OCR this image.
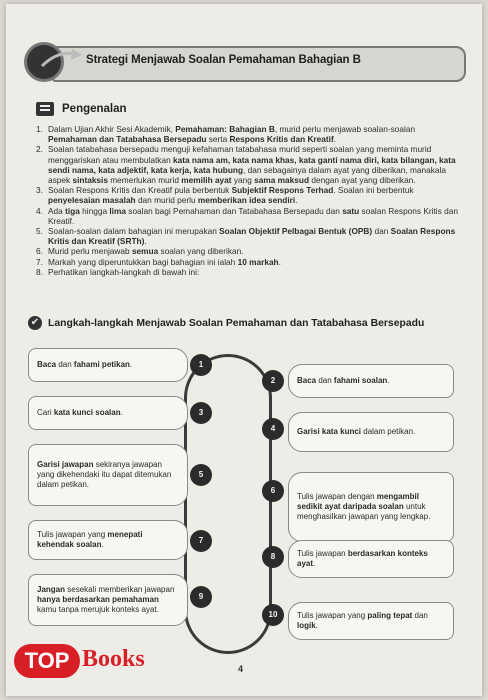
Strategi Menjawab Soalan Pemahaman Bahagian B
Pengenalan
1. Dalam Ujian Akhir Sesi Akademik, Pemahaman: Bahagian B, murid perlu menjawab soalan-soalan Pemahaman dan Tatabahasa Bersepadu serta Respons Kritis dan Kreatif.
2. Soalan tatabahasa bersepadu menguji kefahaman tatabahasa murid seperti soalan yang meminta murid menggariskan atau membulatkan kata nama am, kata nama khas, kata ganti nama diri, kata bilangan, kata sendi nama, kata adjektif, kata kerja, kata hubung, dan sebagainya dalam ayat yang diberikan, manakala aspek sintaksis memerlukan murid memilih ayat yang sama maksud dengan ayat yang diberikan.
3. Soalan Respons Kritis dan Kreatif pula berbentuk Subjektif Respons Terhad. Soalan ini berbentuk penyelesaian masalah dan murid perlu memberikan idea sendiri.
4. Ada tiga hingga lima soalan bagi Pemahaman dan Tatabahasa Bersepadu dan satu soalan Respons Kritis dan Kreatif.
5. Soalan-soalan dalam bahagian ini merupakan Soalan Objektif Pelbagai Bentuk (OPB) dan Soalan Respons Kritis dan Kreatif (SRTh).
6. Murid perlu menjawab semua soalan yang diberikan.
7. Markah yang diperuntukkan bagi bahagian ini ialah 10 markah.
8. Perhatikan langkah-langkah di bawah ini:
✔ Langkah-langkah Menjawab Soalan Pemahaman dan Tatabahasa Bersepadu
Baca dan fahami petikan.	1
Baca dan fahami soalan.
2
Cari kata kunci soalan.	3
Garisi kata kunci dalam petikan.
4
Garisi jawapan sekiranya jawapan yang dikehendaki itu dapat ditemukan dalam petikan.
5
Tulis jawapan dengan mengambil sedikit ayat daripada soalan untuk menghasilkan jawapan yang lengkap.
6
Tulis jawapan yang menepati kehendak soalan.	7
Tulis jawapan berdasarkan konteks ayat.
8
Jangan sesekali memberikan jawapan hanya berdasarkan pemahaman kamu tanpa merujuk konteks ayat.
9
Tulis jawapan yang paling tepat dan logik.
10
TOP Books	4
